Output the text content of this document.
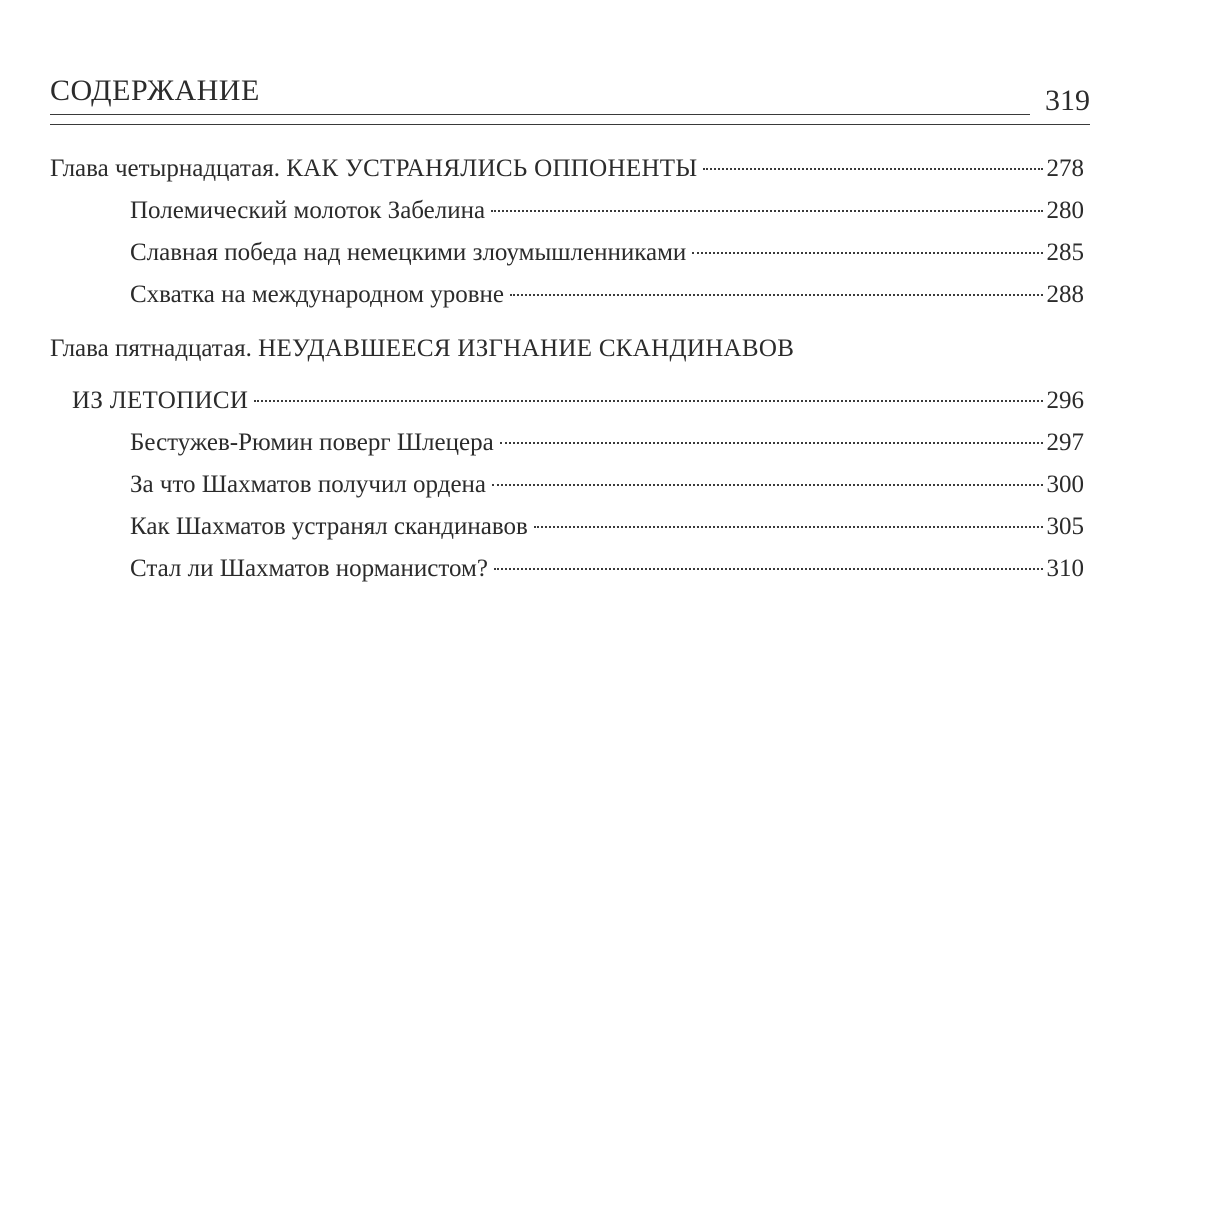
СОДЕРЖАНИЕ	319
Глава четырнадцатая. КАК УСТРАНЯЛИСЬ ОППОНЕНТЫ	278
Полемический молоток Забелина	280
Славная победа над немецкими злоумышленниками	285
Схватка на международном уровне	288
Глава пятнадцатая. НЕУДАВШЕЕСЯ ИЗГНАНИЕ СКАНДИНАВОВ
ИЗ ЛЕТОПИСИ	296
Бестужев-Рюмин поверг Шлецера	297
За что Шахматов получил ордена	300
Как Шахматов устранял скандинавов	305
Стал ли Шахматов норманистом?	310
